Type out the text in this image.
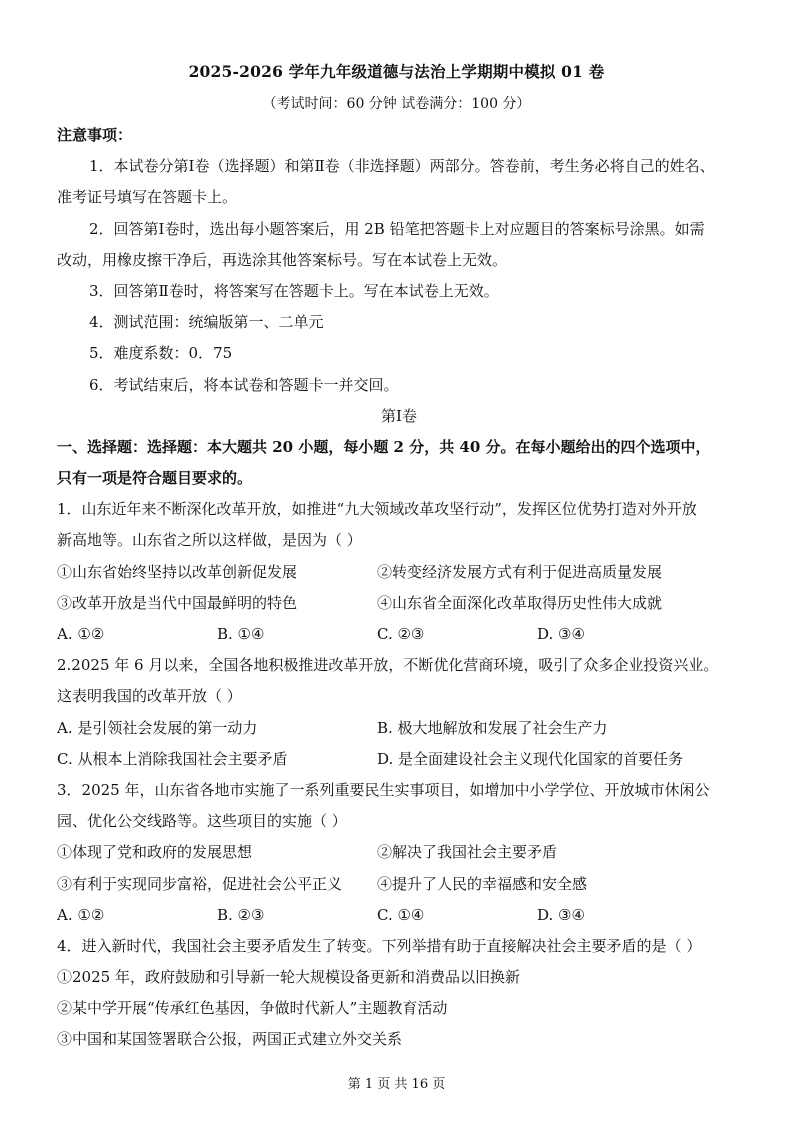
2025-2026 学年九年级道德与法治上学期期中模拟 01 卷
（考试时间：60 分钟 试卷满分：100 分）
注意事项：
1．本试卷分第Ⅰ卷（选择题）和第Ⅱ卷（非选择题）两部分。答卷前，考生务必将自己的姓名、
准考证号填写在答题卡上。
2．回答第Ⅰ卷时，选出每小题答案后，用 2B 铅笔把答题卡上对应题目的答案标号涂黑。如需
改动，用橡皮擦干净后，再选涂其他答案标号。写在本试卷上无效。
3．回答第Ⅱ卷时，将答案写在答题卡上。写在本试卷上无效。
4．测试范围：统编版第一、二单元
5．难度系数：0．75
6．考试结束后，将本试卷和答题卡一并交回。
第Ⅰ卷
一、选择题：选择题：本大题共 20 小题，每小题 2 分，共 40 分。在每小题给出的四个选项中，
只有一项是符合题目要求的。
1．山东近年来不断深化改革开放，如推进“九大领域改革攻坚行动”，发挥区位优势打造对外开放
新高地等。山东省之所以这样做，是因为（ ）
①山东省始终坚持以改革创新促发展	②转变经济发展方式有利于促进高质量发展
③改革开放是当代中国最鲜明的特色	④山东省全面深化改革取得历史性伟大成就
A. ①②	B. ①④	C. ②③	D. ③④
2.2025 年 6 月以来，全国各地积极推进改革开放，不断优化营商环境，吸引了众多企业投资兴业。
这表明我国的改革开放（ ）
A. 是引领社会发展的第一动力	B. 极大地解放和发展了社会生产力
C. 从根本上消除我国社会主要矛盾	D. 是全面建设社会主义现代化国家的首要任务
3．2025 年，山东省各地市实施了一系列重要民生实事项目，如增加中小学学位、开放城市休闲公
园、优化公交线路等。这些项目的实施（ ）
①体现了党和政府的发展思想	②解决了我国社会主要矛盾
③有利于实现同步富裕，促进社会公平正义	④提升了人民的幸福感和安全感
A. ①②	B. ②③	C. ①④	D. ③④
4．进入新时代，我国社会主要矛盾发生了转变。下列举措有助于直接解决社会主要矛盾的是（ ）
①2025 年，政府鼓励和引导新一轮大规模设备更新和消费品以旧换新
②某中学开展“传承红色基因，争做时代新人”主题教育活动
③中国和某国签署联合公报，两国正式建立外交关系
第 1 页 共 16 页
